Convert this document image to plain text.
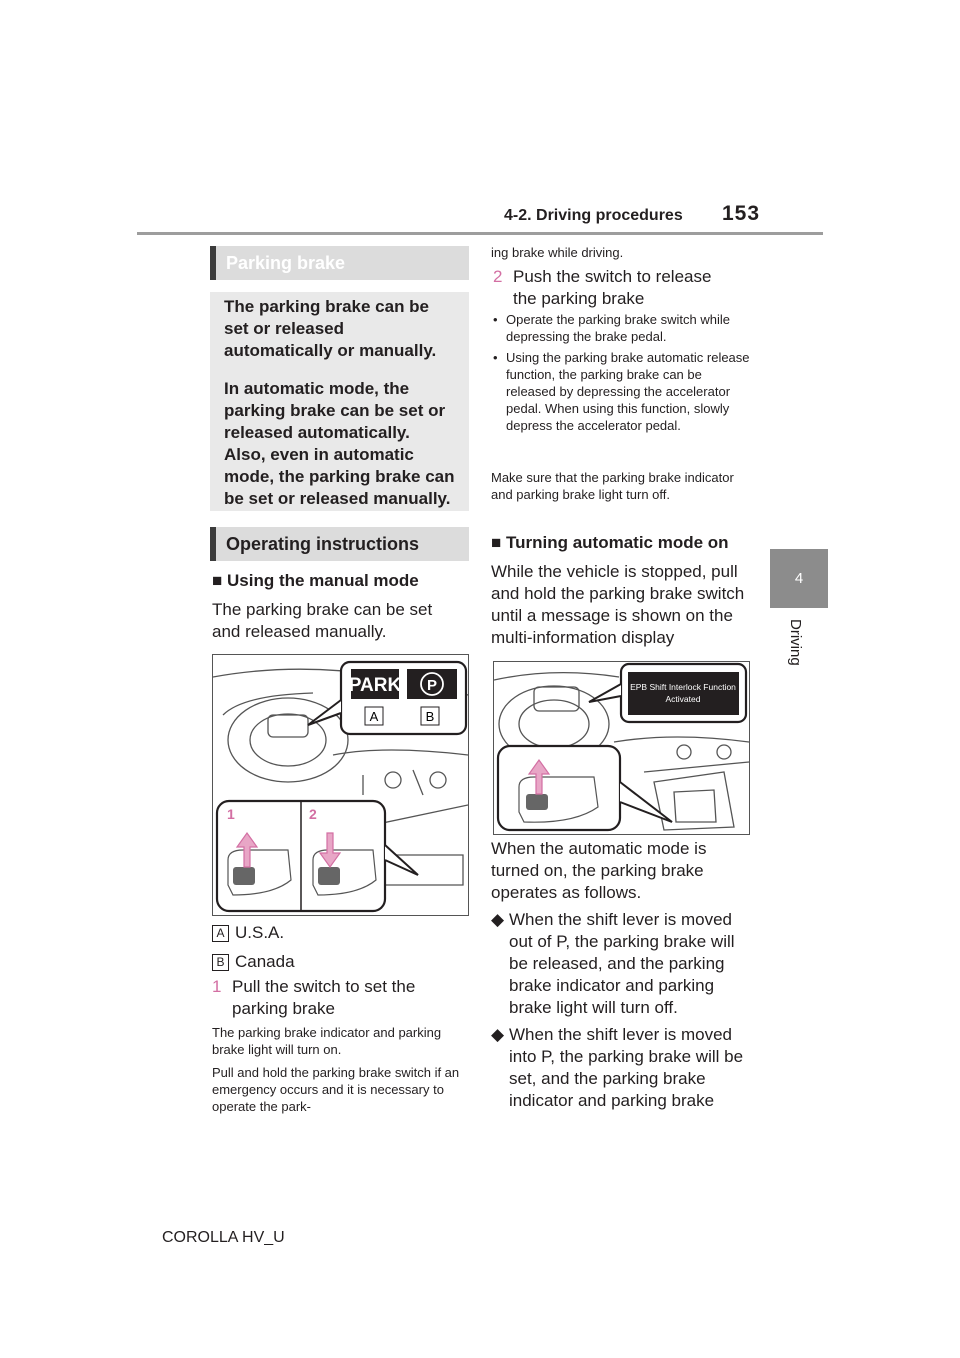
4-2. Driving procedures 153
4
Driving
Parking brake

The parking brake can be set or released automatically or manually.

In automatic mode, the parking brake can be set or released automatically. Also, even in automatic mode, the parking brake can be set or released manually.

Operating instructions
■ Using the manual mode
The parking brake can be set and released manually.
PARK P
A	B
1	2
A U.S.A.
B Canada
1 Pull the switch to set the parking brake
The parking brake indicator and parking brake light will turn on.
Pull and hold the parking brake switch if an emergency occurs and it is necessary to operate the park-
ing brake while driving.
2 Push the switch to release the parking brake
• Operate the parking brake switch while depressing the brake pedal.
• Using the parking brake automatic release function, the parking brake can be released by depressing the accelerator pedal. When using this function, slowly depress the accelerator pedal.
Make sure that the parking brake indicator and parking brake light turn off.
■ Turning automatic mode on
While the vehicle is stopped, pull and hold the parking brake switch until a message is shown on the multi-information display
EPB Shift Interlock Function
Activated
When the automatic mode is turned on, the parking brake operates as follows.
◆ When the shift lever is moved out of P, the parking brake will be released, and the parking brake indicator and parking brake light will turn off.
◆ When the shift lever is moved into P, the parking brake will be set, and the parking brake indicator and parking brake
COROLLA HV_U
